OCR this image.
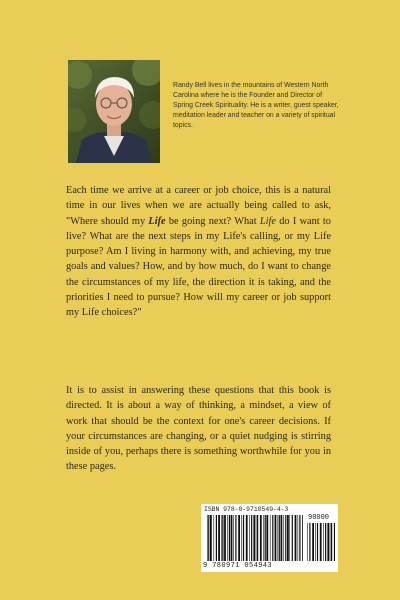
Randy Bell lives in the mountains of Western North Carolina where he is the Founder and Director of Spring Creek Spirituality. He is a writer, guest speaker, meditation leader and teacher on a variety of spiritual topics.

Each time we arrive at a career or job choice, this is a natural time in our lives when we are actually being called to ask, "Where should my Life be going next? What Life do I want to live? What are the next steps in my Life's calling, or my Life purpose? Am I living in harmony with, and achieving, my true goals and values? How, and by how much, do I want to change the circumstances of my life, the direction it is taking, and the priorities I need to pursue? How will my career or job support my Life choices?"

It is to assist in answering these questions that this book is directed. It is about a way of thinking, a mindset, a view of work that should be the context for one's career decisions. If your circumstances are changing, or a quiet nudging is stirring inside of you, perhaps there is something worthwhile for you in these pages.

ISBN 978-0-9710549-4-3
90000
9 780971 054943
